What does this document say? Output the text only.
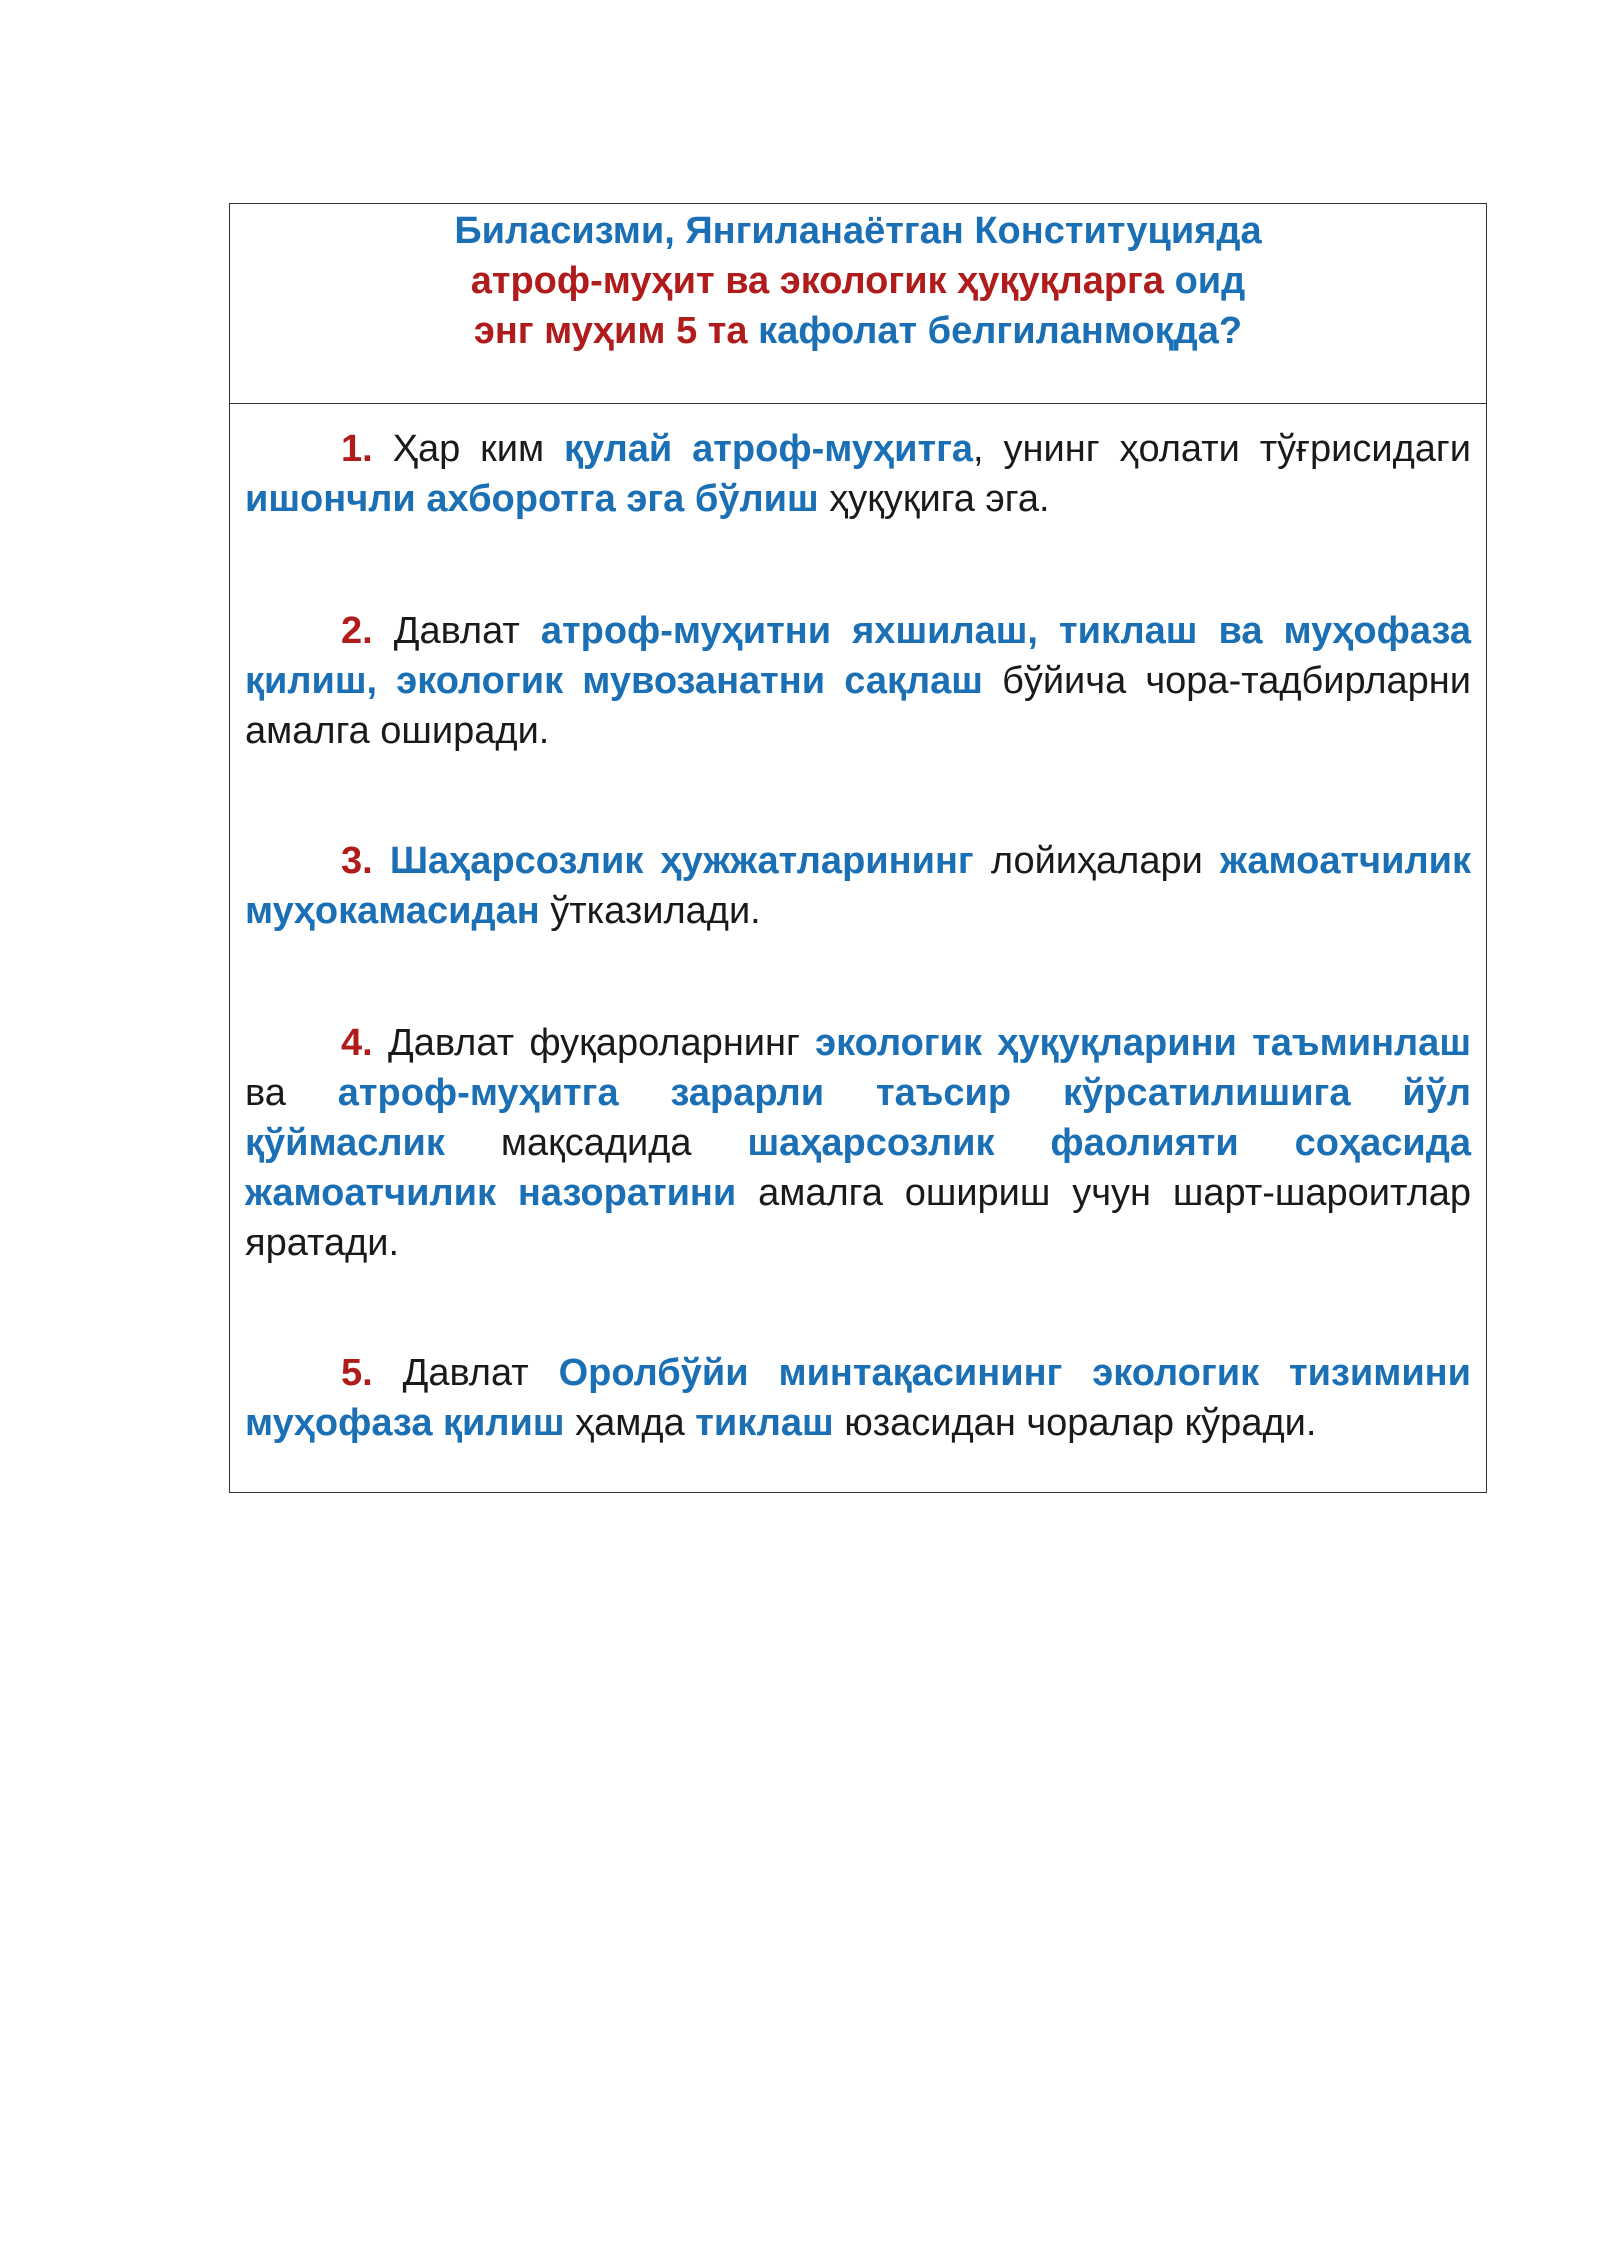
Биласизми, Янгиланаётган Конституцияда
атроф-муҳит ва экологик ҳуқуқларга оид
энг муҳим 5 та кафолат белгиланмоқда?
1. Ҳар ким қулай атроф-муҳитга, унинг ҳолати тўғрисидаги ишончли ахборотга эга бўлиш ҳуқуқига эга.
2. Давлат атроф-муҳитни яхшилаш, тиклаш ва муҳофаза қилиш, экологик мувозанатни сақлаш бўйича чора-тадбирларни амалга оширади.
3. Шаҳарсозлик ҳужжатларининг лойиҳалари жамоатчилик муҳокамасидан ўтказилади.
4. Давлат фуқароларнинг экологик ҳуқуқларини таъминлаш ва атроф-муҳитга зарарли таъсир кўрсатилишига йўл қўймаслик мақсадида шаҳарсозлик фаолияти соҳасида жамоатчилик назоратини амалга ошириш учун шарт-шароитлар яратади.
5. Давлат Оролбўйи минтақасининг экологик тизимини муҳофаза қилиш ҳамда тиклаш юзасидан чоралар кўради.
